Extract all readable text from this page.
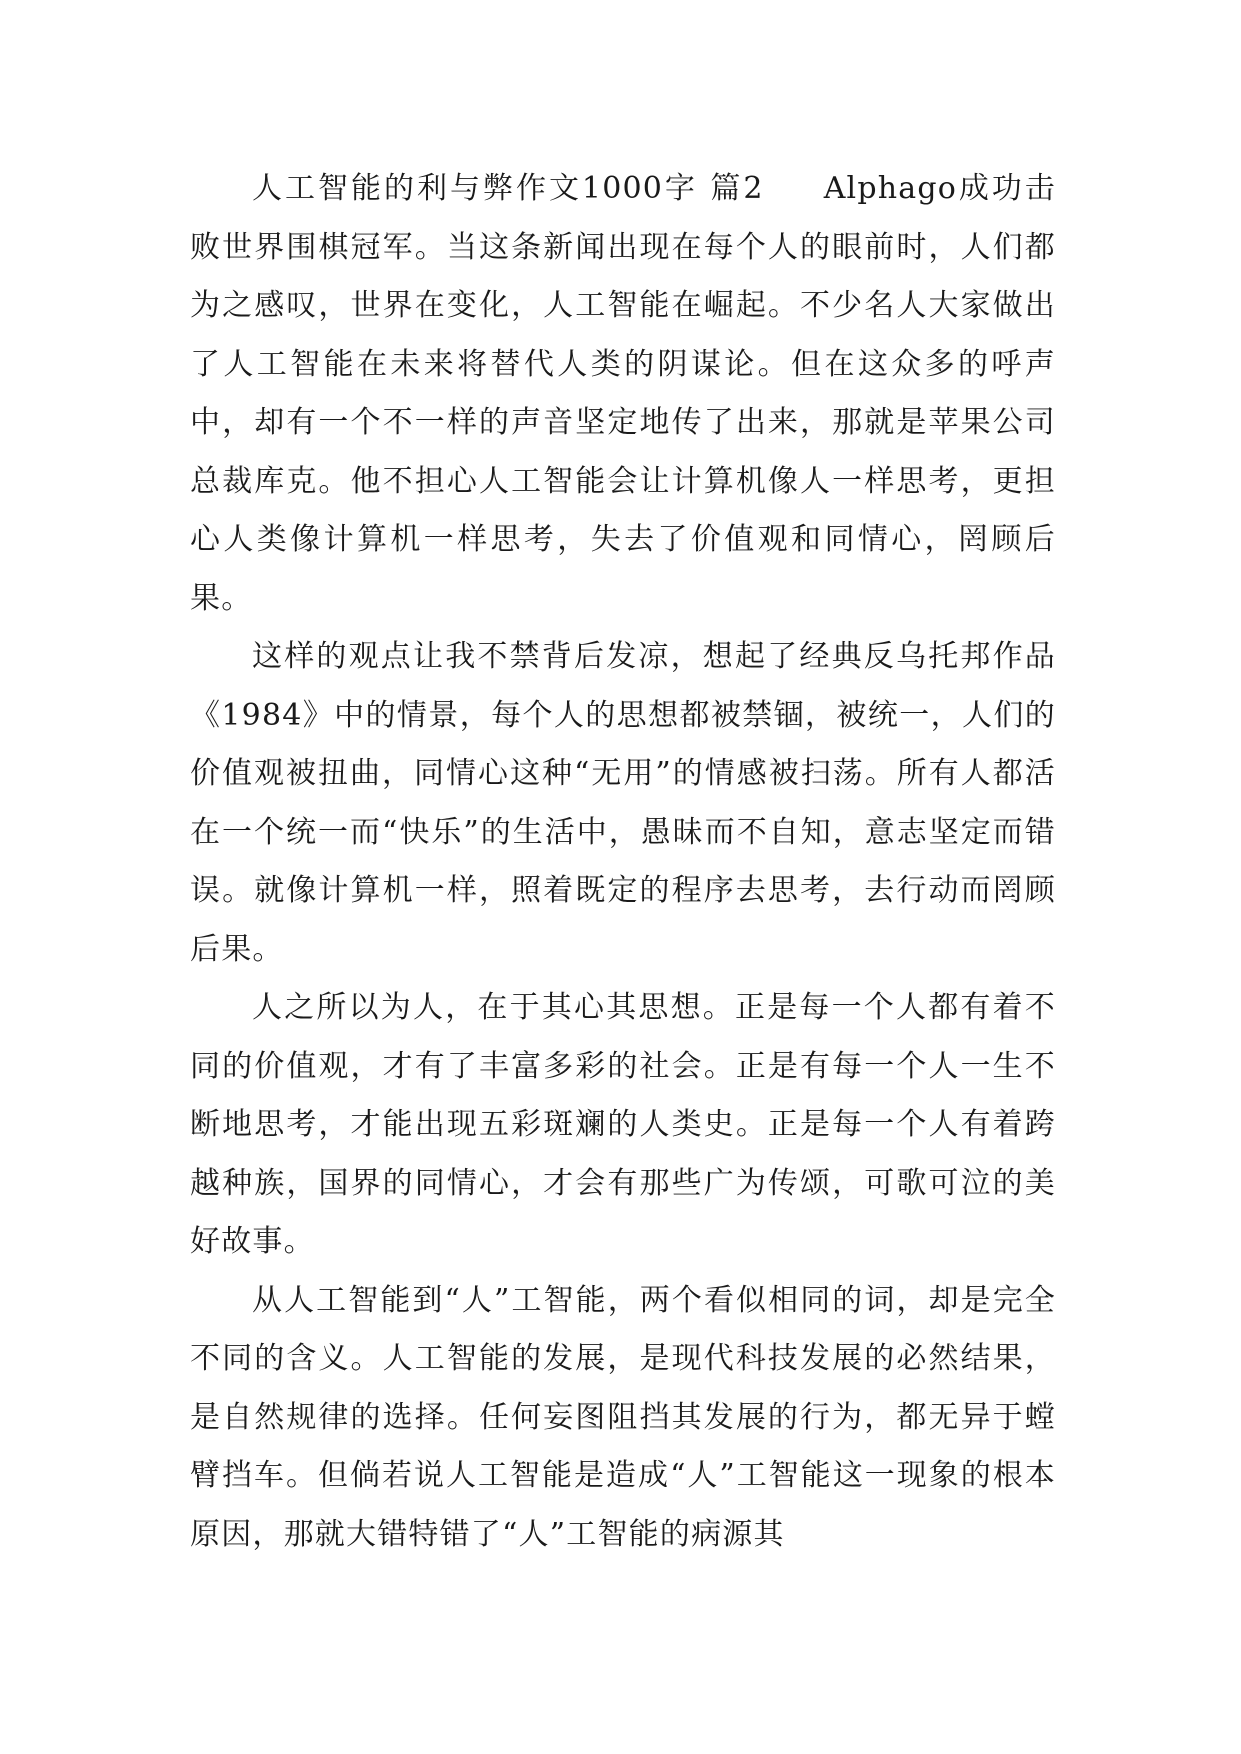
人工智能的利与弊作文1000字 篇2 Alphago成功击败世界围棋冠军。当这条新闻出现在每个人的眼前时，人们都为之感叹，世界在变化，人工智能在崛起。不少名人大家做出了人工智能在未来将替代人类的阴谋论。但在这众多的呼声中，却有一个不一样的声音坚定地传了出来，那就是苹果公司总裁库克。他不担心人工智能会让计算机像人一样思考，更担心人类像计算机一样思考，失去了价值观和同情心，罔顾后果。

这样的观点让我不禁背后发凉，想起了经典反乌托邦作品《1984》中的情景，每个人的思想都被禁锢，被统一，人们的价值观被扭曲，同情心这种“无用”的情感被扫荡。所有人都活在一个统一而“快乐”的生活中，愚昧而不自知，意志坚定而错误。就像计算机一样，照着既定的程序去思考，去行动而罔顾后果。

人之所以为人，在于其心其思想。正是每一个人都有着不同的价值观，才有了丰富多彩的社会。正是有每一个人一生不断地思考，才能出现五彩斑斓的人类史。正是每一个人有着跨越种族，国界的同情心，才会有那些广为传颂，可歌可泣的美好故事。

从人工智能到“人”工智能，两个看似相同的词，却是完全不同的含义。人工智能的发展，是现代科技发展的必然结果，是自然规律的选择。任何妄图阻挡其发展的行为，都无异于螳臂挡车。但倘若说人工智能是造成“人”工智能这一现象的根本原因，那就大错特错了“人”工智能的病源其
